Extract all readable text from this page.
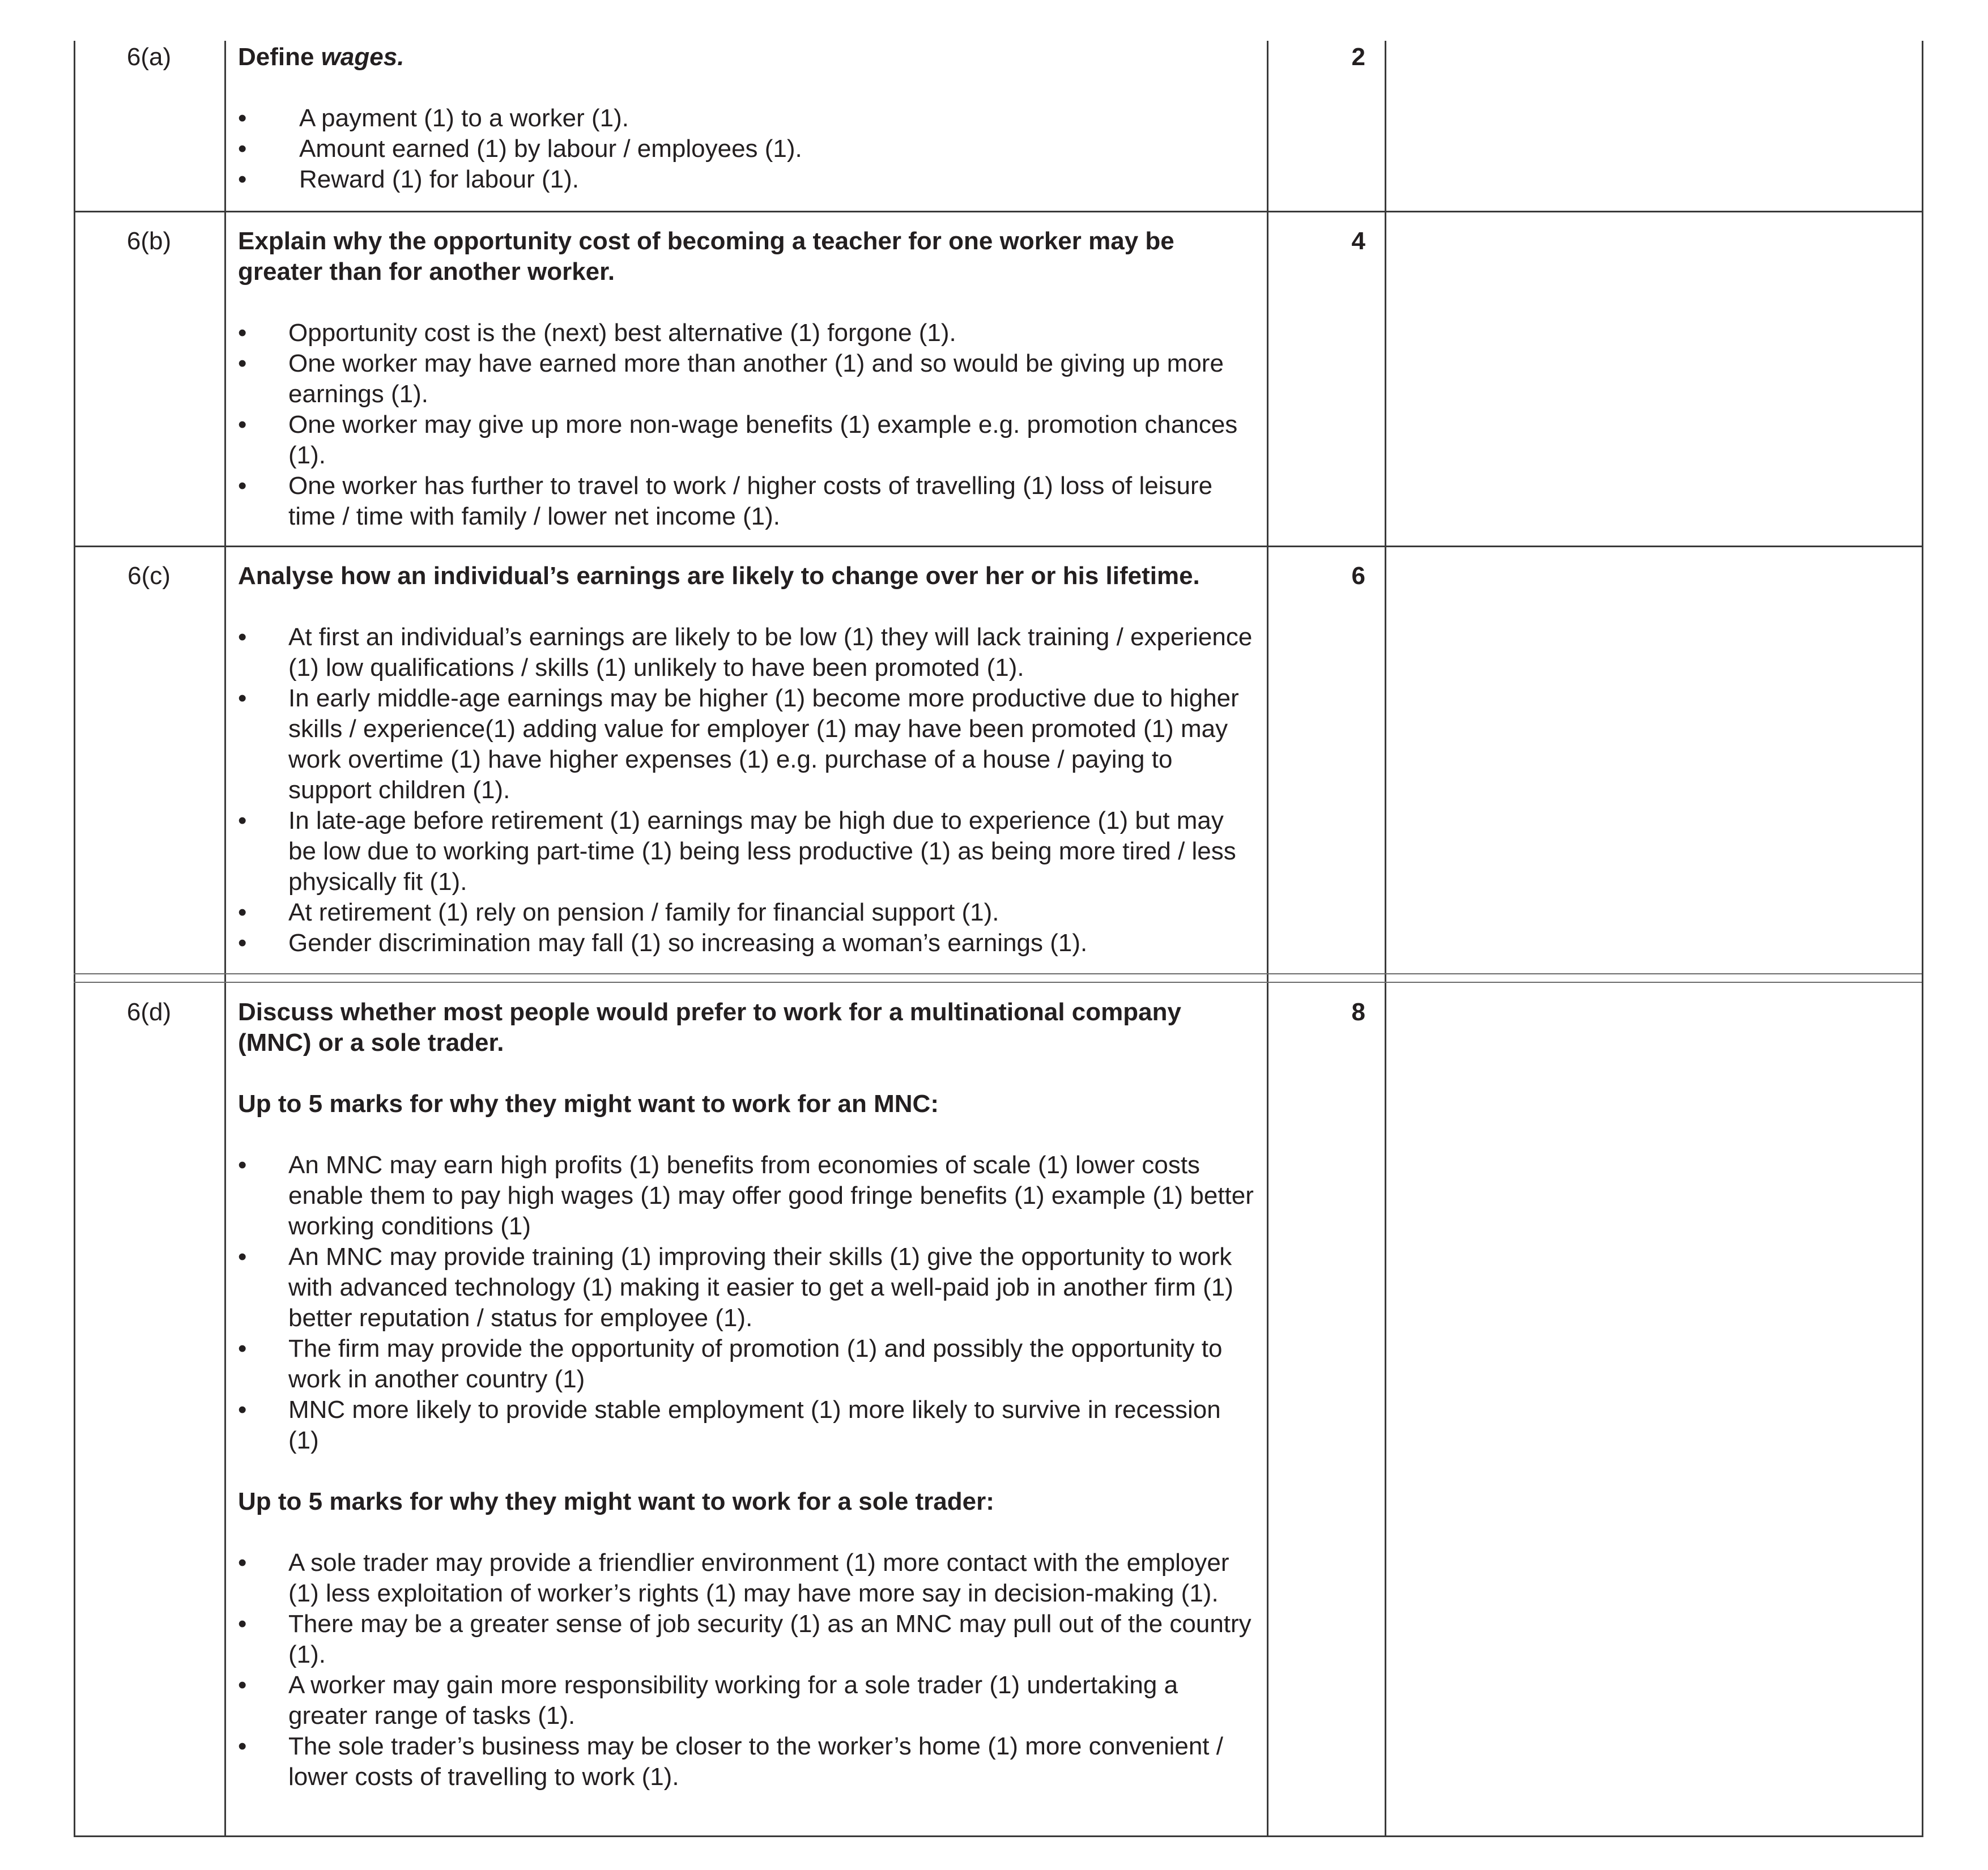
6(a)	Define wages.

•	A payment (1) to a worker (1).
•	Amount earned (1) by labour / employees (1).
•	Reward (1) for labour (1).
2
6(b)	Explain why the opportunity cost of becoming a teacher for one worker may be greater than for another worker.

•	Opportunity cost is the (next) best alternative (1) forgone (1).
•	One worker may have earned more than another (1) and so would be giving up more earnings (1).
•	One worker may give up more non-wage benefits (1) example e.g. promotion chances (1).
•	One worker has further to travel to work / higher costs of travelling (1) loss of leisure time / time with family / lower net income (1).
4
6(c)	Analyse how an individual’s earnings are likely to change over her or his lifetime.

•	At first an individual’s earnings are likely to be low (1) they will lack training / experience (1) low qualifications / skills (1) unlikely to have been promoted (1).
•	In early middle-age earnings may be higher (1) become more productive due to higher skills / experience(1) adding value for employer (1) may have been promoted (1) may work overtime (1) have higher expenses (1) e.g. purchase of a house / paying to support children (1).
•	In late-age before retirement (1) earnings may be high due to experience (1) but may be low due to working part-time (1) being less productive (1) as being more tired / less physically fit (1).
•	At retirement (1) rely on pension / family for financial support (1).
•	Gender discrimination may fall (1) so increasing a woman’s earnings (1).
6
6(d)	Discuss whether most people would prefer to work for a multinational company (MNC) or a sole trader.

Up to 5 marks for why they might want to work for an MNC:

•	An MNC may earn high profits (1) benefits from economies of scale (1) lower costs enable them to pay high wages (1) may offer good fringe benefits (1) example (1) better working conditions (1)
•	An MNC may provide training (1) improving their skills (1) give the opportunity to work with advanced technology (1) making it easier to get a well-paid job in another firm (1) better reputation / status for employee (1).
•	The firm may provide the opportunity of promotion (1) and possibly the opportunity to work in another country (1)
•	MNC more likely to provide stable employment (1) more likely to survive in recession (1)

Up to 5 marks for why they might want to work for a sole trader:

•	A sole trader may provide a friendlier environment (1) more contact with the employer (1) less exploitation of worker’s rights (1) may have more say in decision-making (1).
•	There may be a greater sense of job security (1) as an MNC may pull out of the country (1).
•	A worker may gain more responsibility working for a sole trader (1) undertaking a greater range of tasks (1).
•	The sole trader’s business may be closer to the worker’s home (1) more convenient / lower costs of travelling to work (1).
8
